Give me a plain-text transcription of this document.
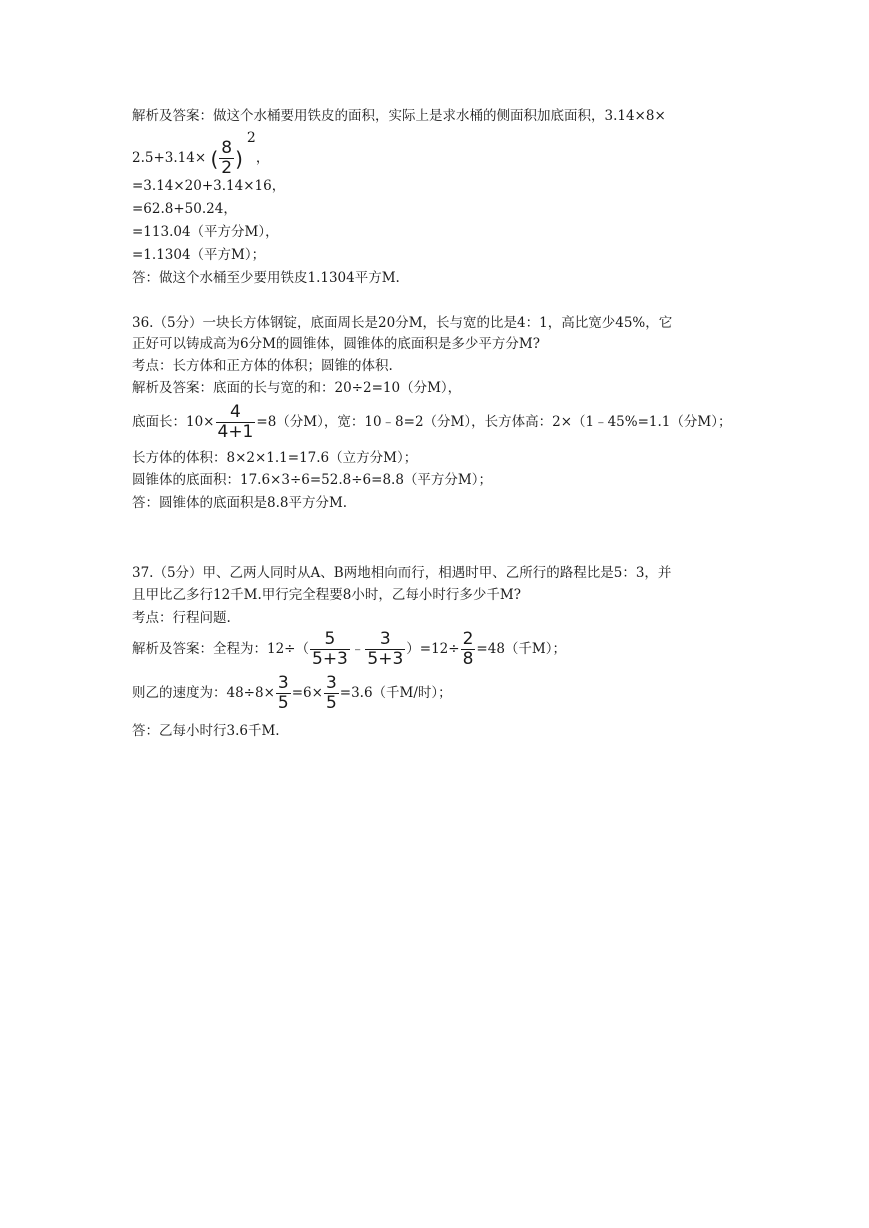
解析及答案：做这个水桶要用铁皮的面积，实际上是求水桶的侧面积加底面积，3.14×8×
2.5+3.14× ( $\frac{8}{2} )2$，
=3.14×20+3.14×16，
=62.8+50.24，
=113.04（平方分M），
=1.1304（平方M）；
答：做这个水桶至少要用铁皮1.1304平方M.
36.（5分）一块长方体钢锭，底面周长是20分M，长与宽的比是4：1，高比宽少45%，它
正好可以铸成高为6分M的圆锥体，圆锥体的底面积是多少平方分M?
考点：长方体和正方体的体积；圆锥的体积.
解析及答案：底面的长与宽的和：20÷2=10（分M），
底面长：$10\times \frac{4}{4+1} =8$（分M），宽：10﹣8=2（分M），长方体高：2×（1﹣45%=1.1（分M）；
长方体的体积：8×2×1.1=17.6（立方分M）；
圆锥体的底面积：17.6×3÷6=52.8÷6=8.8（平方分M）；
答：圆锥体的底面积是8.8平方分M.
37.（5分）甲、乙两人同时从A、B两地相向而行，相遇时甲、乙所行的路程比是5：3，并
且甲比乙多行12千M.甲行完全程要8小时，乙每小时行多少千M?
考点：行程问题.
解析及答案：全程为：$12\div( \frac{5}{5+3}$ ﹣ $\frac{3}{5+3} )=12\div \frac{2}{8} =48$（千M）；
则乙的速度为：$48\div 8\times \frac{3}{5} =6\times \frac{3}{5} =3.6$（千M/时）；
答：乙每小时行3.6千M.
